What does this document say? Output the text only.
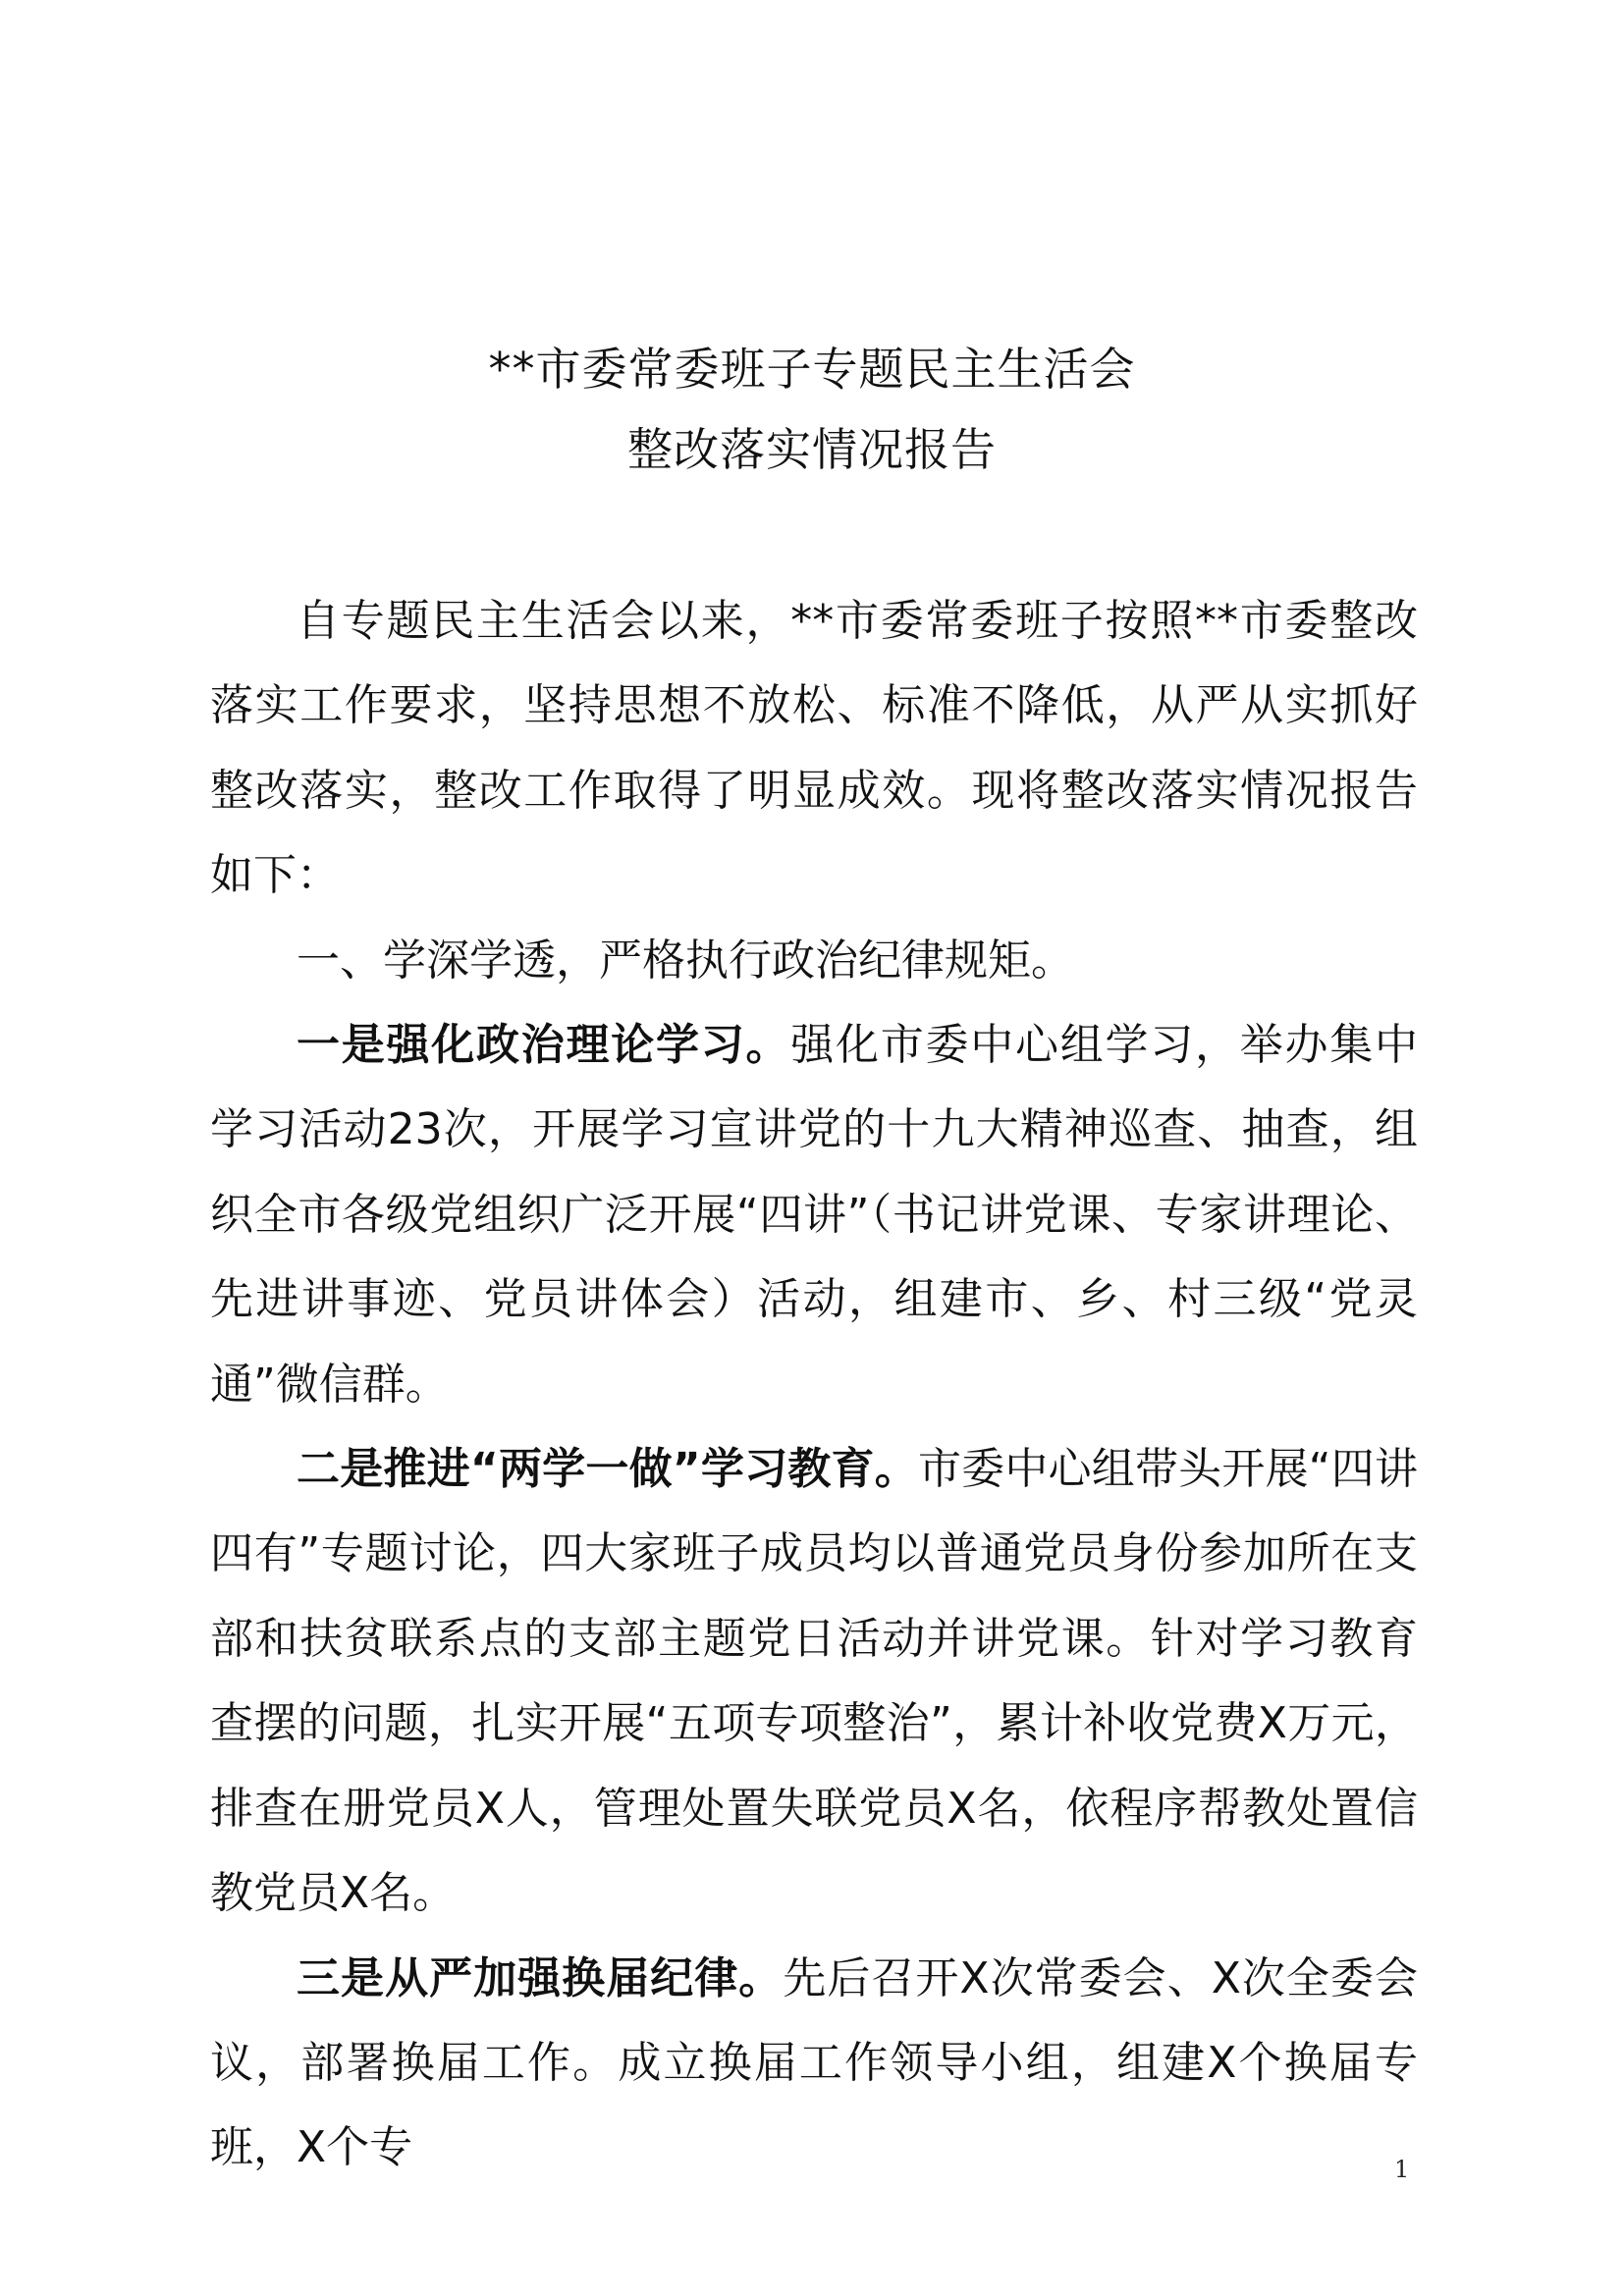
**市委常委班子专题民主生活会
整改落实情况报告

自专题民主生活会以来，**市委常委班子按照**市委整改落实工作要求，坚持思想不放松、标准不降低，从严从实抓好整改落实，整改工作取得了明显成效。现将整改落实情况报告如下：

一、学深学透，严格执行政治纪律规矩。

一是强化政治理论学习。强化市委中心组学习，举办集中学习活动23次，开展学习宣讲党的十九大精神巡查、抽查，组织全市各级党组织广泛开展“四讲”（书记讲党课、专家讲理论、先进讲事迹、党员讲体会）活动，组建市、乡、村三级“党灵通”微信群。

二是推进“两学一做”学习教育。市委中心组带头开展“四讲四有”专题讨论，四大家班子成员均以普通党员身份参加所在支部和扶贫联系点的支部主题党日活动并讲党课。针对学习教育查摆的问题，扎实开展“五项专项整治”，累计补收党费X万元，排查在册党员X人，管理处置失联党员X名，依程序帮教处置信教党员X名。

三是从严加强换届纪律。先后召开X次常委会、X次全委会议，部署换届工作。成立换届工作领导小组，组建X个换届专班，X个专	1
